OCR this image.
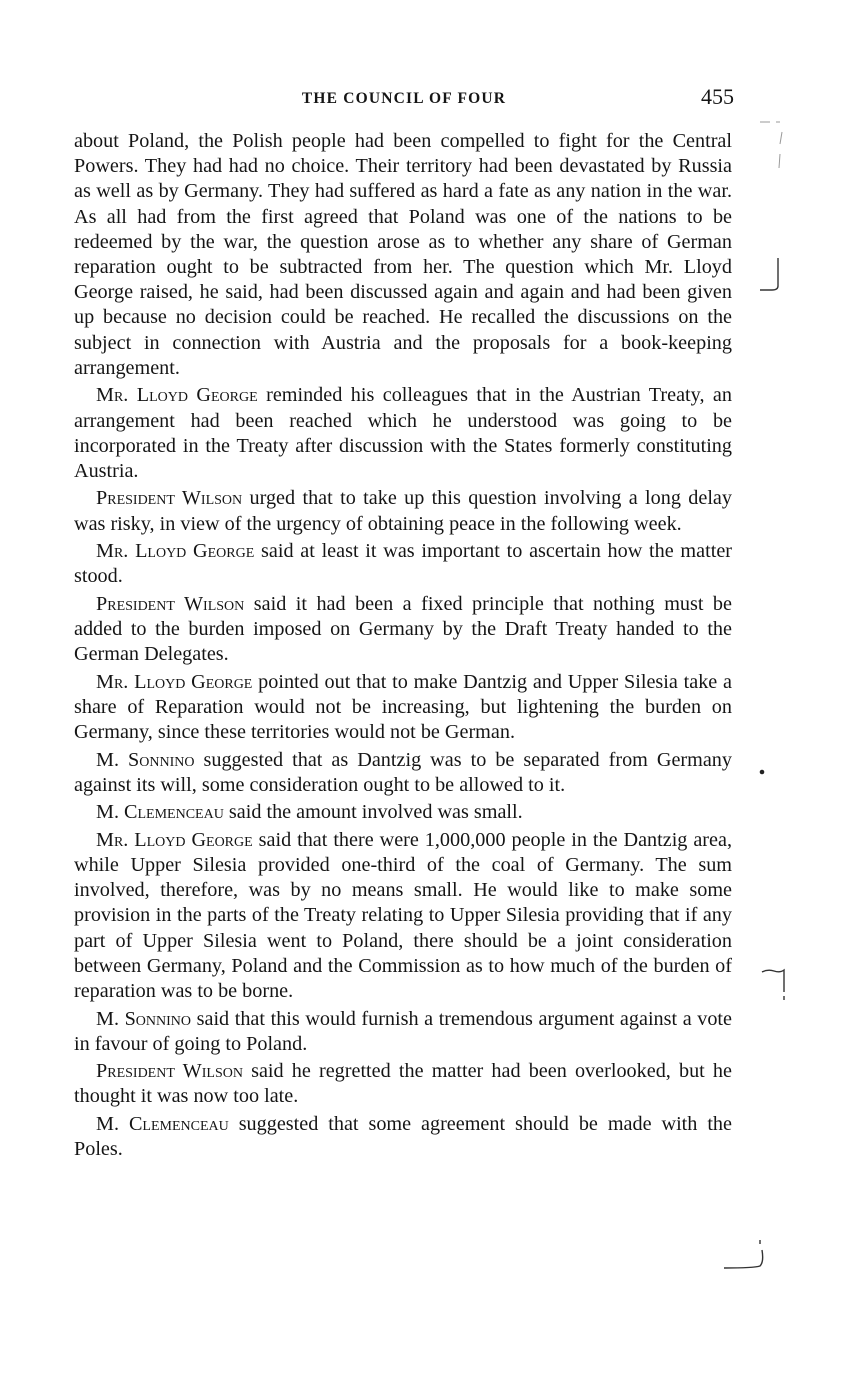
THE COUNCIL OF FOUR	455

about Poland, the Polish people had been compelled to fight for the Central Powers. They had had no choice. Their territory had been devastated by Russia as well as by Germany. They had suffered as hard a fate as any nation in the war. As all had from the first agreed that Poland was one of the nations to be redeemed by the war, the question arose as to whether any share of German reparation ought to be subtracted from her. The question which Mr. Lloyd George raised, he said, had been discussed again and again and had been given up because no decision could be reached. He recalled the discussions on the subject in connection with Austria and the proposals for a book-keeping arrangement.

Mr. Lloyd George reminded his colleagues that in the Austrian Treaty, an arrangement had been reached which he understood was going to be incorporated in the Treaty after discussion with the States formerly constituting Austria.

President Wilson urged that to take up this question involving a long delay was risky, in view of the urgency of obtaining peace in the following week.

Mr. Lloyd George said at least it was important to ascertain how the matter stood.

President Wilson said it had been a fixed principle that nothing must be added to the burden imposed on Germany by the Draft Treaty handed to the German Delegates.

Mr. Lloyd George pointed out that to make Dantzig and Upper Silesia take a share of Reparation would not be increasing, but lightening the burden on Germany, since these territories would not be German.

M. Sonnino suggested that as Dantzig was to be separated from Germany against its will, some consideration ought to be allowed to it.

M. Clemenceau said the amount involved was small.

Mr. Lloyd George said that there were 1,000,000 people in the Dantzig area, while Upper Silesia provided one-third of the coal of Germany. The sum involved, therefore, was by no means small. He would like to make some provision in the parts of the Treaty relating to Upper Silesia providing that if any part of Upper Silesia went to Poland, there should be a joint consideration between Germany, Poland and the Commission as to how much of the burden of reparation was to be borne.

M. Sonnino said that this would furnish a tremendous argument against a vote in favour of going to Poland.

President Wilson said he regretted the matter had been overlooked, but he thought it was now too late.

M. Clemenceau suggested that some agreement should be made with the Poles.
